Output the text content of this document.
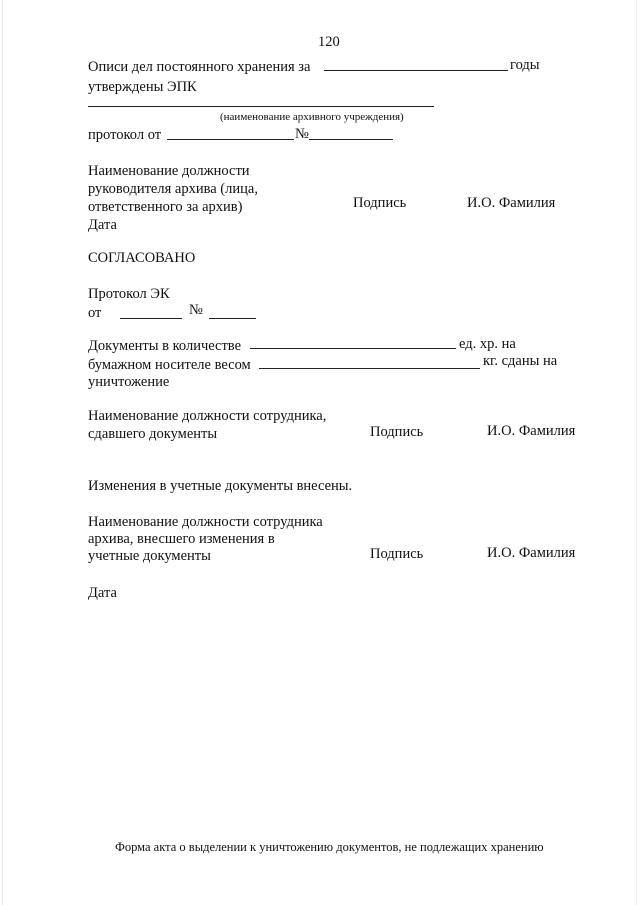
120
Описи дел постоянного хранения за	годы
утверждены ЭПК
(наименование архивного учреждения)
протокол от	№
Наименование должности
руководителя архива (лица,
ответственного за архив)
Дата
Подпись	И.О. Фамилия
СОГЛАСОВАНО
Протокол ЭК
от	№
Документы в количестве	ед. хр. на
бумажном носителе весом	кг. сданы на
уничтожение
Наименование должности сотрудника,
сдавшего документы	Подпись	И.О. Фамилия
Изменения в учетные документы внесены.
Наименование должности сотрудника
архива, внесшего изменения в
учетные документы	Подпись	И.О. Фамилия
Дата
Форма акта о выделении к уничтожению документов, не подлежащих хранению
